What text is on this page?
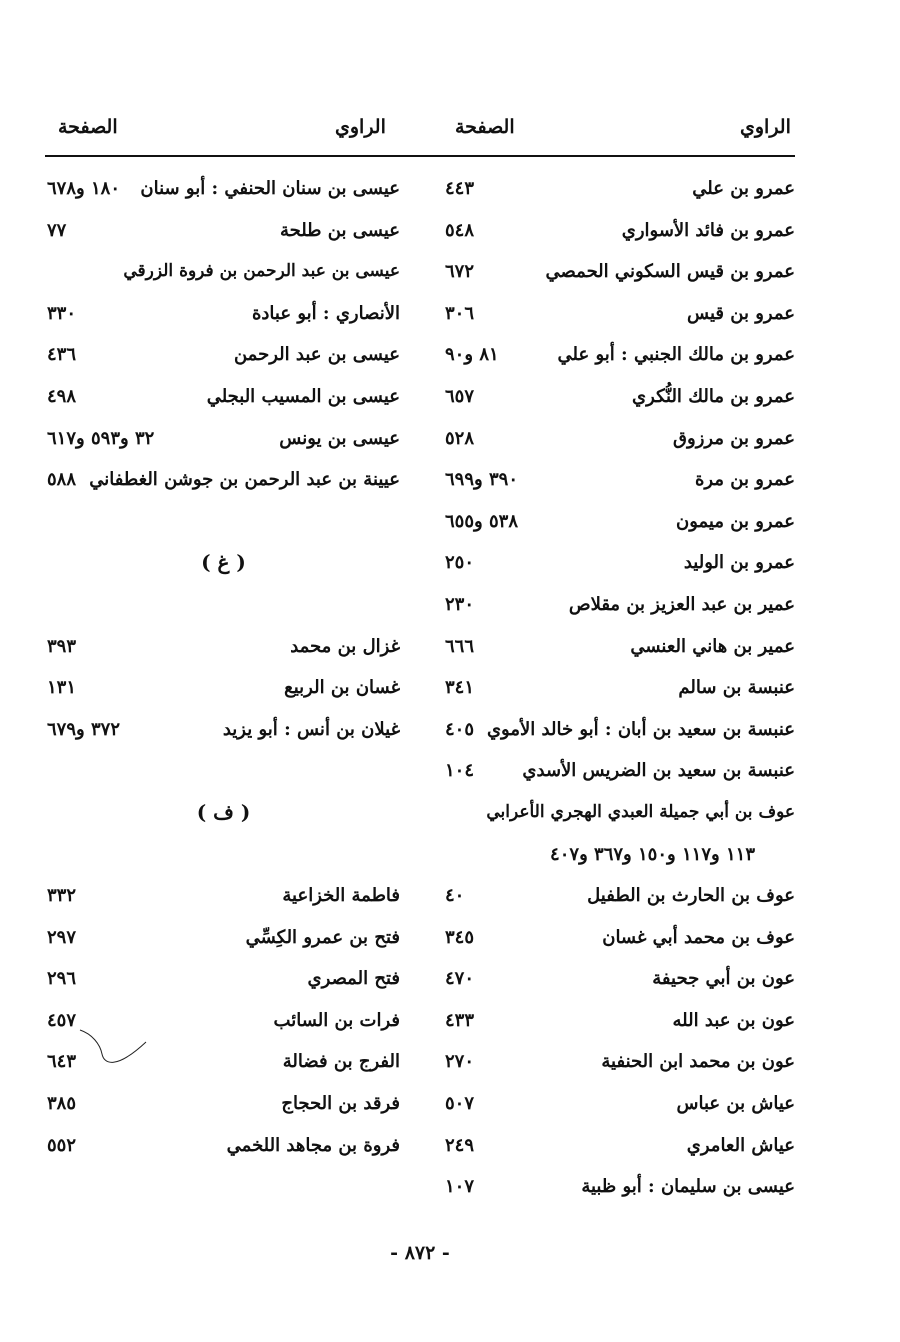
الراوي
الصفحة
الراوي
الصفحة
عمرو بن علي
٤٤٣
عمرو بن فائد الأسواري
٥٤٨
عمرو بن قيس السكوني الحمصي
٦٧٢
عمرو بن قيس
٣٠٦
عمرو بن مالك الجنبي : أبو علي
٨١ و٩٠
عمرو بن مالك النُّكري
٦٥٧
عمرو بن مرزوق
٥٢٨
عمرو بن مرة
٣٩٠ و٦٩٩
عمرو بن ميمون
٥٣٨ و٦٥٥
عمرو بن الوليد
٢٥٠
عمير بن عبد العزيز بن مقلاص
٢٣٠
عمير بن هاني العنسي
٦٦٦
عنبسة بن سالم
٣٤١
عنبسة بن سعيد بن أبان : أبو خالد الأموي
٤٠٥
عنبسة بن سعيد بن الضريس الأسدي
١٠٤
عوف بن أبي جميلة العبدي الهجري الأعرابي
١١٣ و١١٧ و١٥٠ و٣٦٧ و٤٠٧
عوف بن الحارث بن الطفيل
٤٠
عوف بن محمد أبي غسان
٣٤٥
عون بن أبي جحيفة
٤٧٠
عون بن عبد الله
٤٣٣
عون بن محمد ابن الحنفية
٢٧٠
عياش بن عباس
٥٠٧
عياش العامري
٢٤٩
عيسى بن سليمان : أبو ظبية
١٠٧
عيسى بن سنان الحنفي : أبو سنان
١٨٠ و٦٧٨
عيسى بن طلحة
٧٧
عيسى بن عبد الرحمن بن فروة الزرقي
الأنصاري : أبو عبادة
٣٣٠
عيسى بن عبد الرحمن
٤٣٦
عيسى بن المسيب البجلي
٤٩٨
عيسى بن يونس
٣٢ و٥٩٣ و٦١٧
عيينة بن عبد الرحمن بن جوشن الغطفاني
٥٨٨
( غ )
غزال بن محمد
٣٩٣
غسان بن الربيع
١٣١
غيلان بن أنس : أبو يزيد
٣٧٢ و٦٧٩
( ف )
فاطمة الخزاعية
٣٣٢
فتح بن عمرو الكِسِّي
٢٩٧
فتح المصري
٢٩٦
فرات بن السائب
٤٥٧
الفرج بن فضالة
٦٤٣
فرقد بن الحجاج
٣٨٥
فروة بن مجاهد اللخمي
٥٥٢
- ٨٧٢ -
